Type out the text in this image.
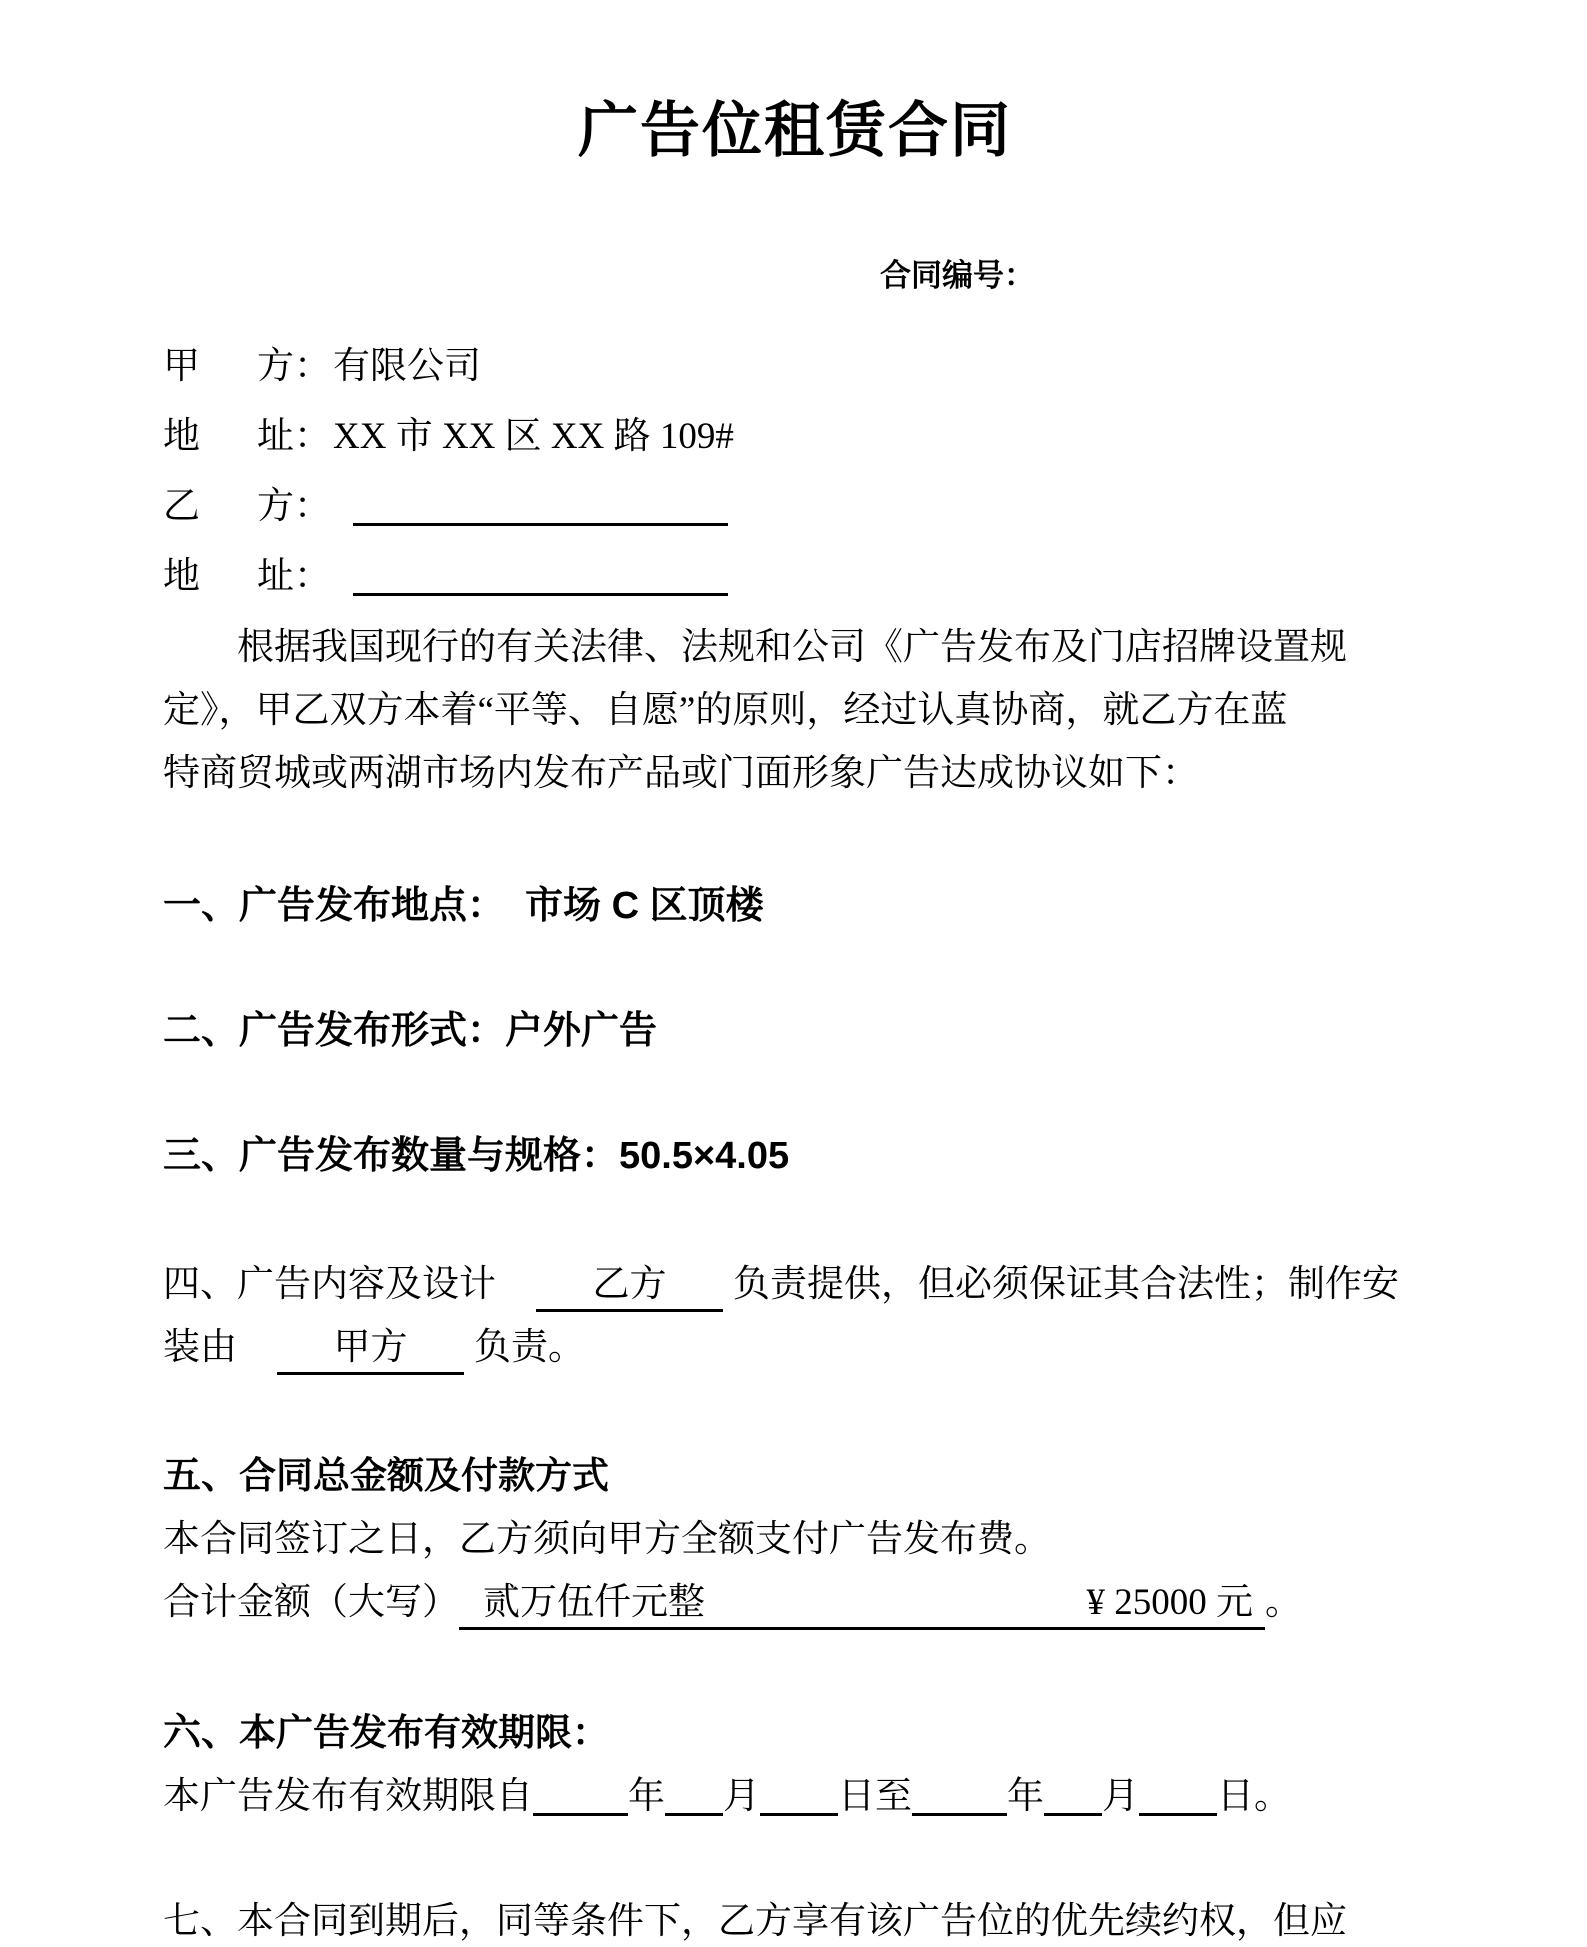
广告位租赁合同
合同编号：
甲 方： 有限公司
地 址： XX 市 XX 区 XX 路 109#
乙 方：
地 址：
根据我国现行的有关法律、法规和公司《广告发布及门店招牌设置规
定》，甲乙双方本着“平等、自愿”的原则，经过认真协商，就乙方在蓝
特商贸城或两湖市场内发布产品或门面形象广告达成协议如下：
一、广告发布地点： 市场 C 区顶楼
二、广告发布形式：户外广告
三、广告发布数量与规格：50.5×4.05
四、广告内容及设计	乙方 负责提供，但必须保证其合法性；制作安
装由	甲方 负责。
五、合同总金额及付款方式
本合同签订之日，乙方须向甲方全额支付广告发布费。
合计金额（大写） 贰万伍仟元整	¥ 25000 元 。
六、本广告发布有效期限：
本广告发布有效期限自	年 月 日至	年 月 日。
七、本合同到期后，同等条件下，乙方享有该广告位的优先续约权，但应
